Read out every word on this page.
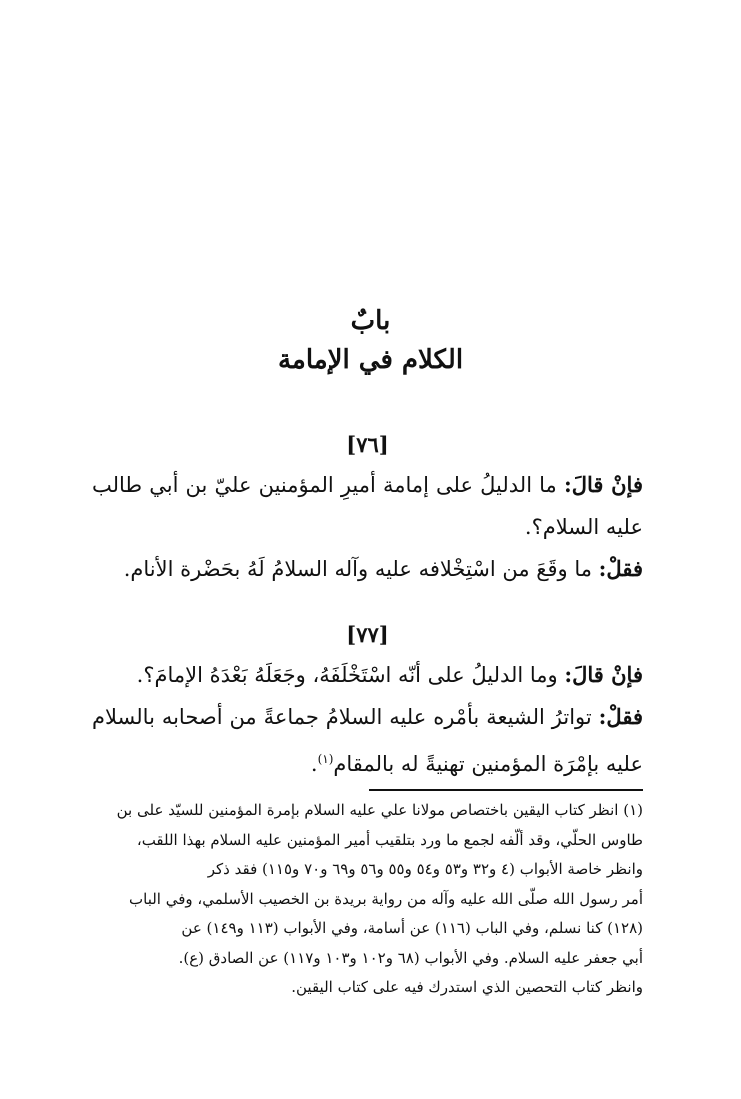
بابٌ
الكلام في الإمامة
[٧٦]

فإنْ قالَ: ما الدليلُ على إمامة أميرِ المؤمنين عليّ بن أبي طالب عليه السلام؟.

فقلْ: ما وقَعَ من اسْتِخْلافه عليه وآله السلامُ لَهُ بحَضْرة الأنام.

[٧٧]

فإنْ قالَ: وما الدليلُ على أنّه اسْتَخْلَفَهُ، وجَعَلَهُ بَعْدَهُ الإمامَ؟.

فقلْ: تواترُ الشيعة بأمْره عليه السلامُ جماعةً من أصحابه بالسلام عليه بإمْرَة المؤمنين تهنيةً له بالمقام$^{(١)}$.

(١) انظر كتاب اليقين باختصاص مولانا علي عليه السلام بإمرة المؤمنين للسيّد على بن
طاوس الحلّي، وقد ألّفه لجمع ما ورد بتلقيب أمير المؤمنين عليه السلام بهذا اللقب،
وانظر خاصة الأبواب (٤ و٣٢ و٥٣ و٥٤ و٥٥ و٥٦ و٦٩ و٧٠ و١١٥) فقد ذكر
أمر رسول الله صلّى الله عليه وآله من رواية بريدة بن الخصيب الأسلمي، وفي الباب
(١٢٨) كنا نسلم، وفي الباب (١١٦) عن أسامة، وفي الأبواب (١١٣ و١٤٩) عن
أبي جعفر عليه السلام. وفي الأبواب (٦٨ و١٠٢ و١٠٣ و١١٧) عن الصادق (ع).
وانظر كتاب التحصين الذي استدرك فيه على كتاب اليقين.
